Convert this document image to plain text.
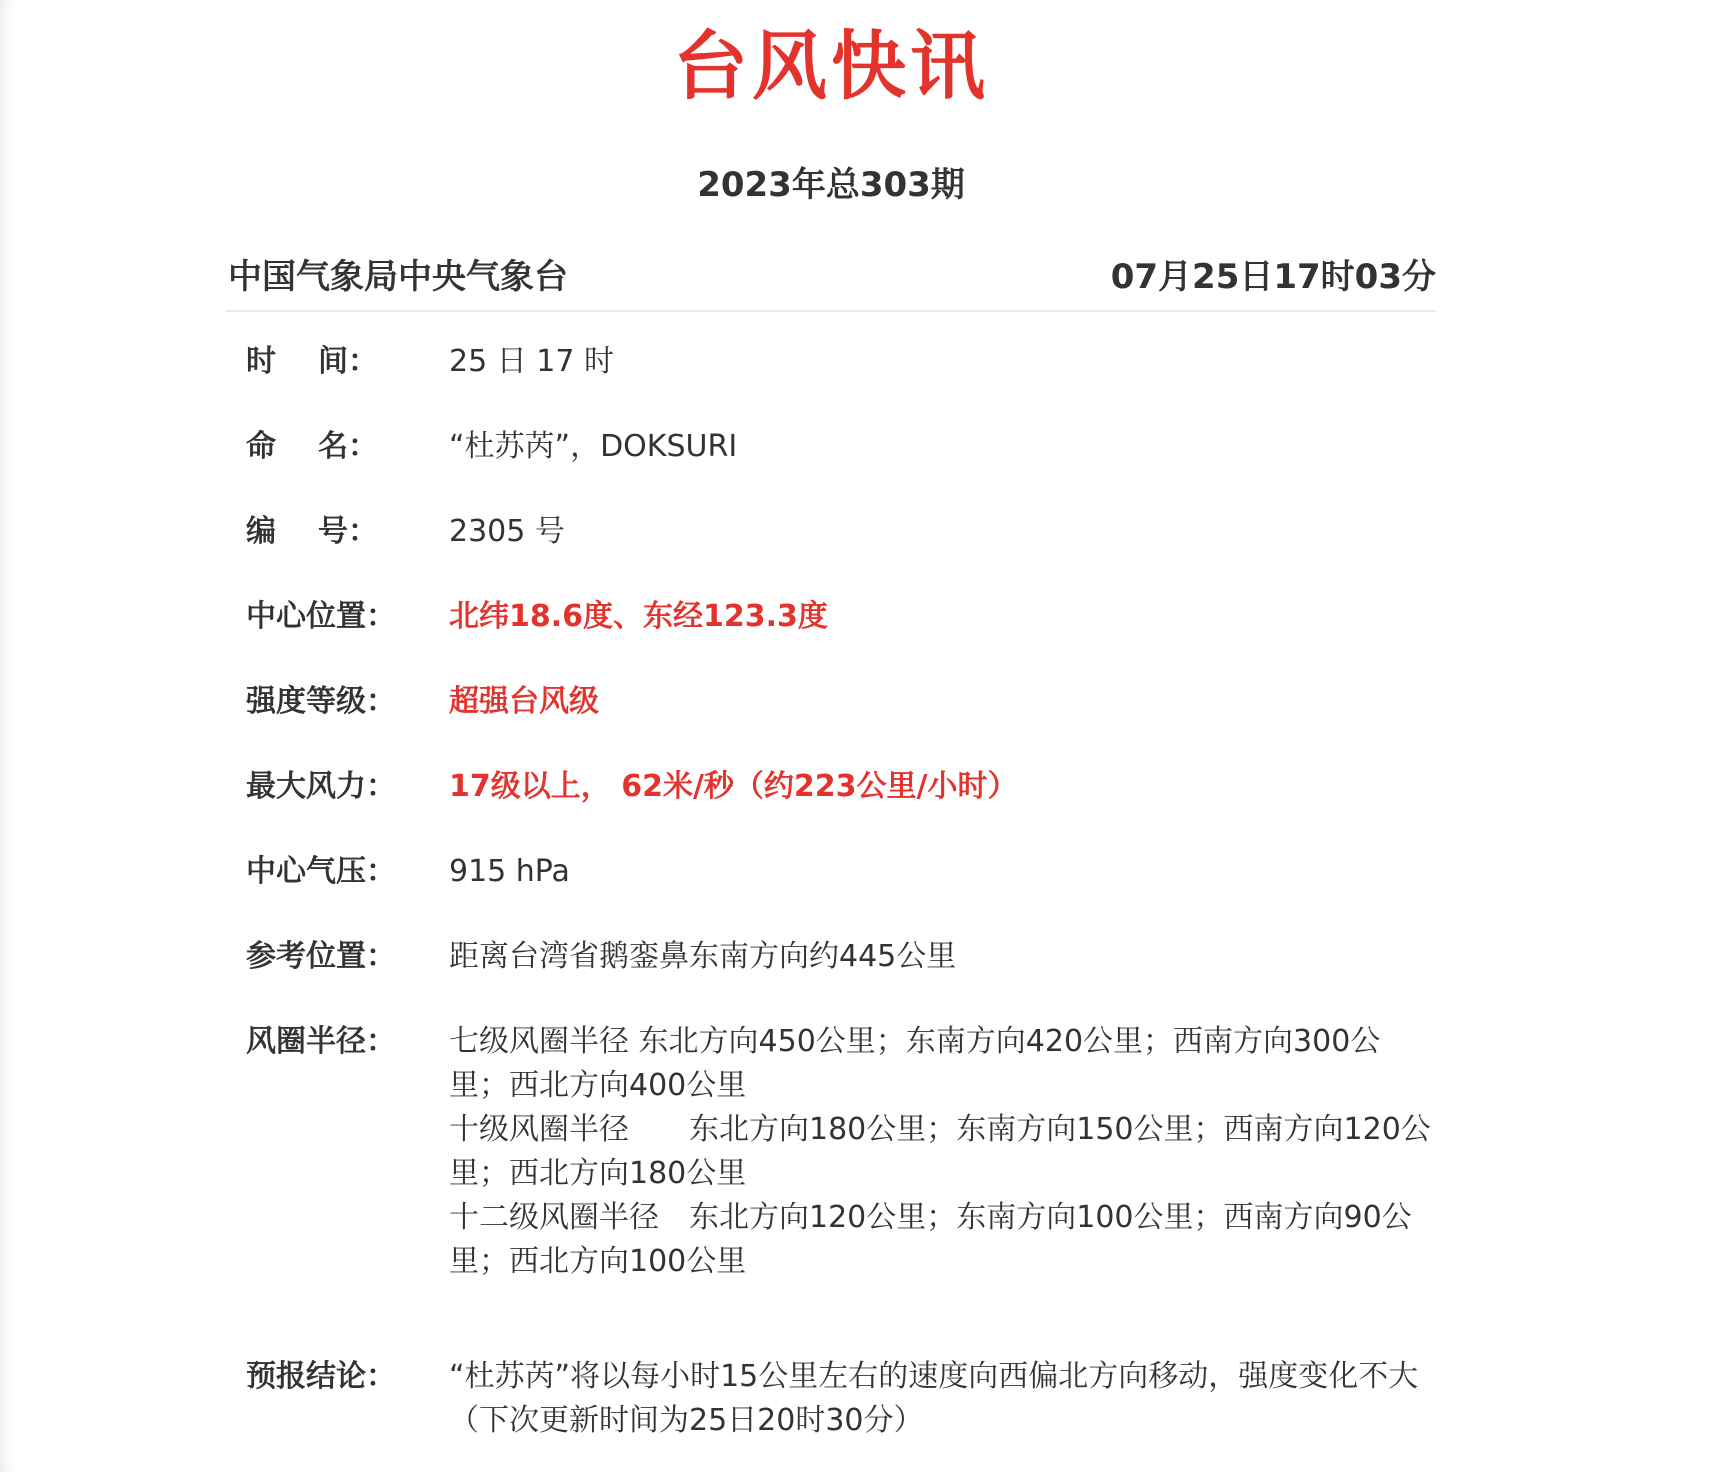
台风快讯
2023年总303期
中国气象局中央气象台	07月25日17时03分
时 间：	25 日 17 时
命 名：	“杜苏芮”，DOKSURI
编 号：	2305 号
中心位置：	北纬18.6度、东经123.3度
强度等级：	超强台风级
最大风力：	17级以上， 62米/秒（约223公里/小时）
中心气压：	915 hPa
参考位置：	距离台湾省鹅銮鼻东南方向约445公里
风圈半径：	七级风圈半径 东北方向450公里；东南方向420公里；西南方向300公里；西北方向400公里
十级风圈半径　　东北方向180公里；东南方向150公里；西南方向120公里；西北方向180公里
十二级风圈半径　东北方向120公里；东南方向100公里；西南方向90公里；西北方向100公里
预报结论：	“杜苏芮”将以每小时15公里左右的速度向西偏北方向移动，强度变化不大
（下次更新时间为25日20时30分）
